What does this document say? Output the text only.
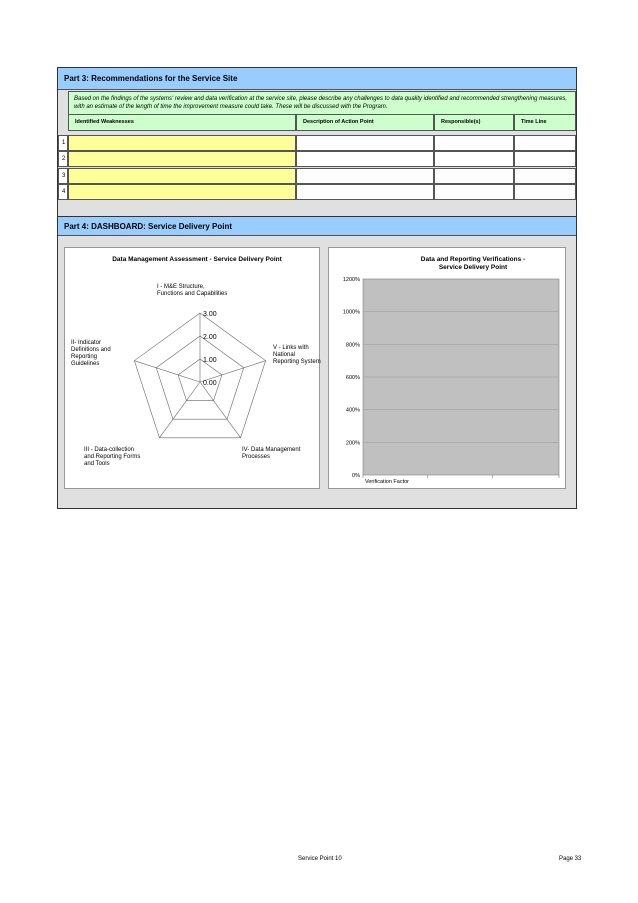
Part 3: Recommendations for the Service Site
Based on the findings of the systems' review and data verification at the service site, please describe any challenges to data quality identified and recommended strengthening measures, with an estimate of the length of time the improvement measure could take. These will be discussed with the Program.
Identified Weaknesses	Description of Action Point	Responsible(s)	Time Line
Part 4: DASHBOARD: Service Delivery Point
Data Management Assessment - Service Delivery Point
I - M&E Structure,
Functions and Capabilities
V - Links with
National
Reporting System
IV- Data Management
Processes
III - Data-collection
and Reporting Forms
and Tools
II- Indicator
Definitions and
Reporting
Guidelines
3.00
2.00
1.00
0.00
Data and Reporting Verifications -
Service Delivery Point
0%
200%
400%
600%
800%
1000%
1200%
Verification Factor
1
2
3
4
Service Point 10	Page 33
